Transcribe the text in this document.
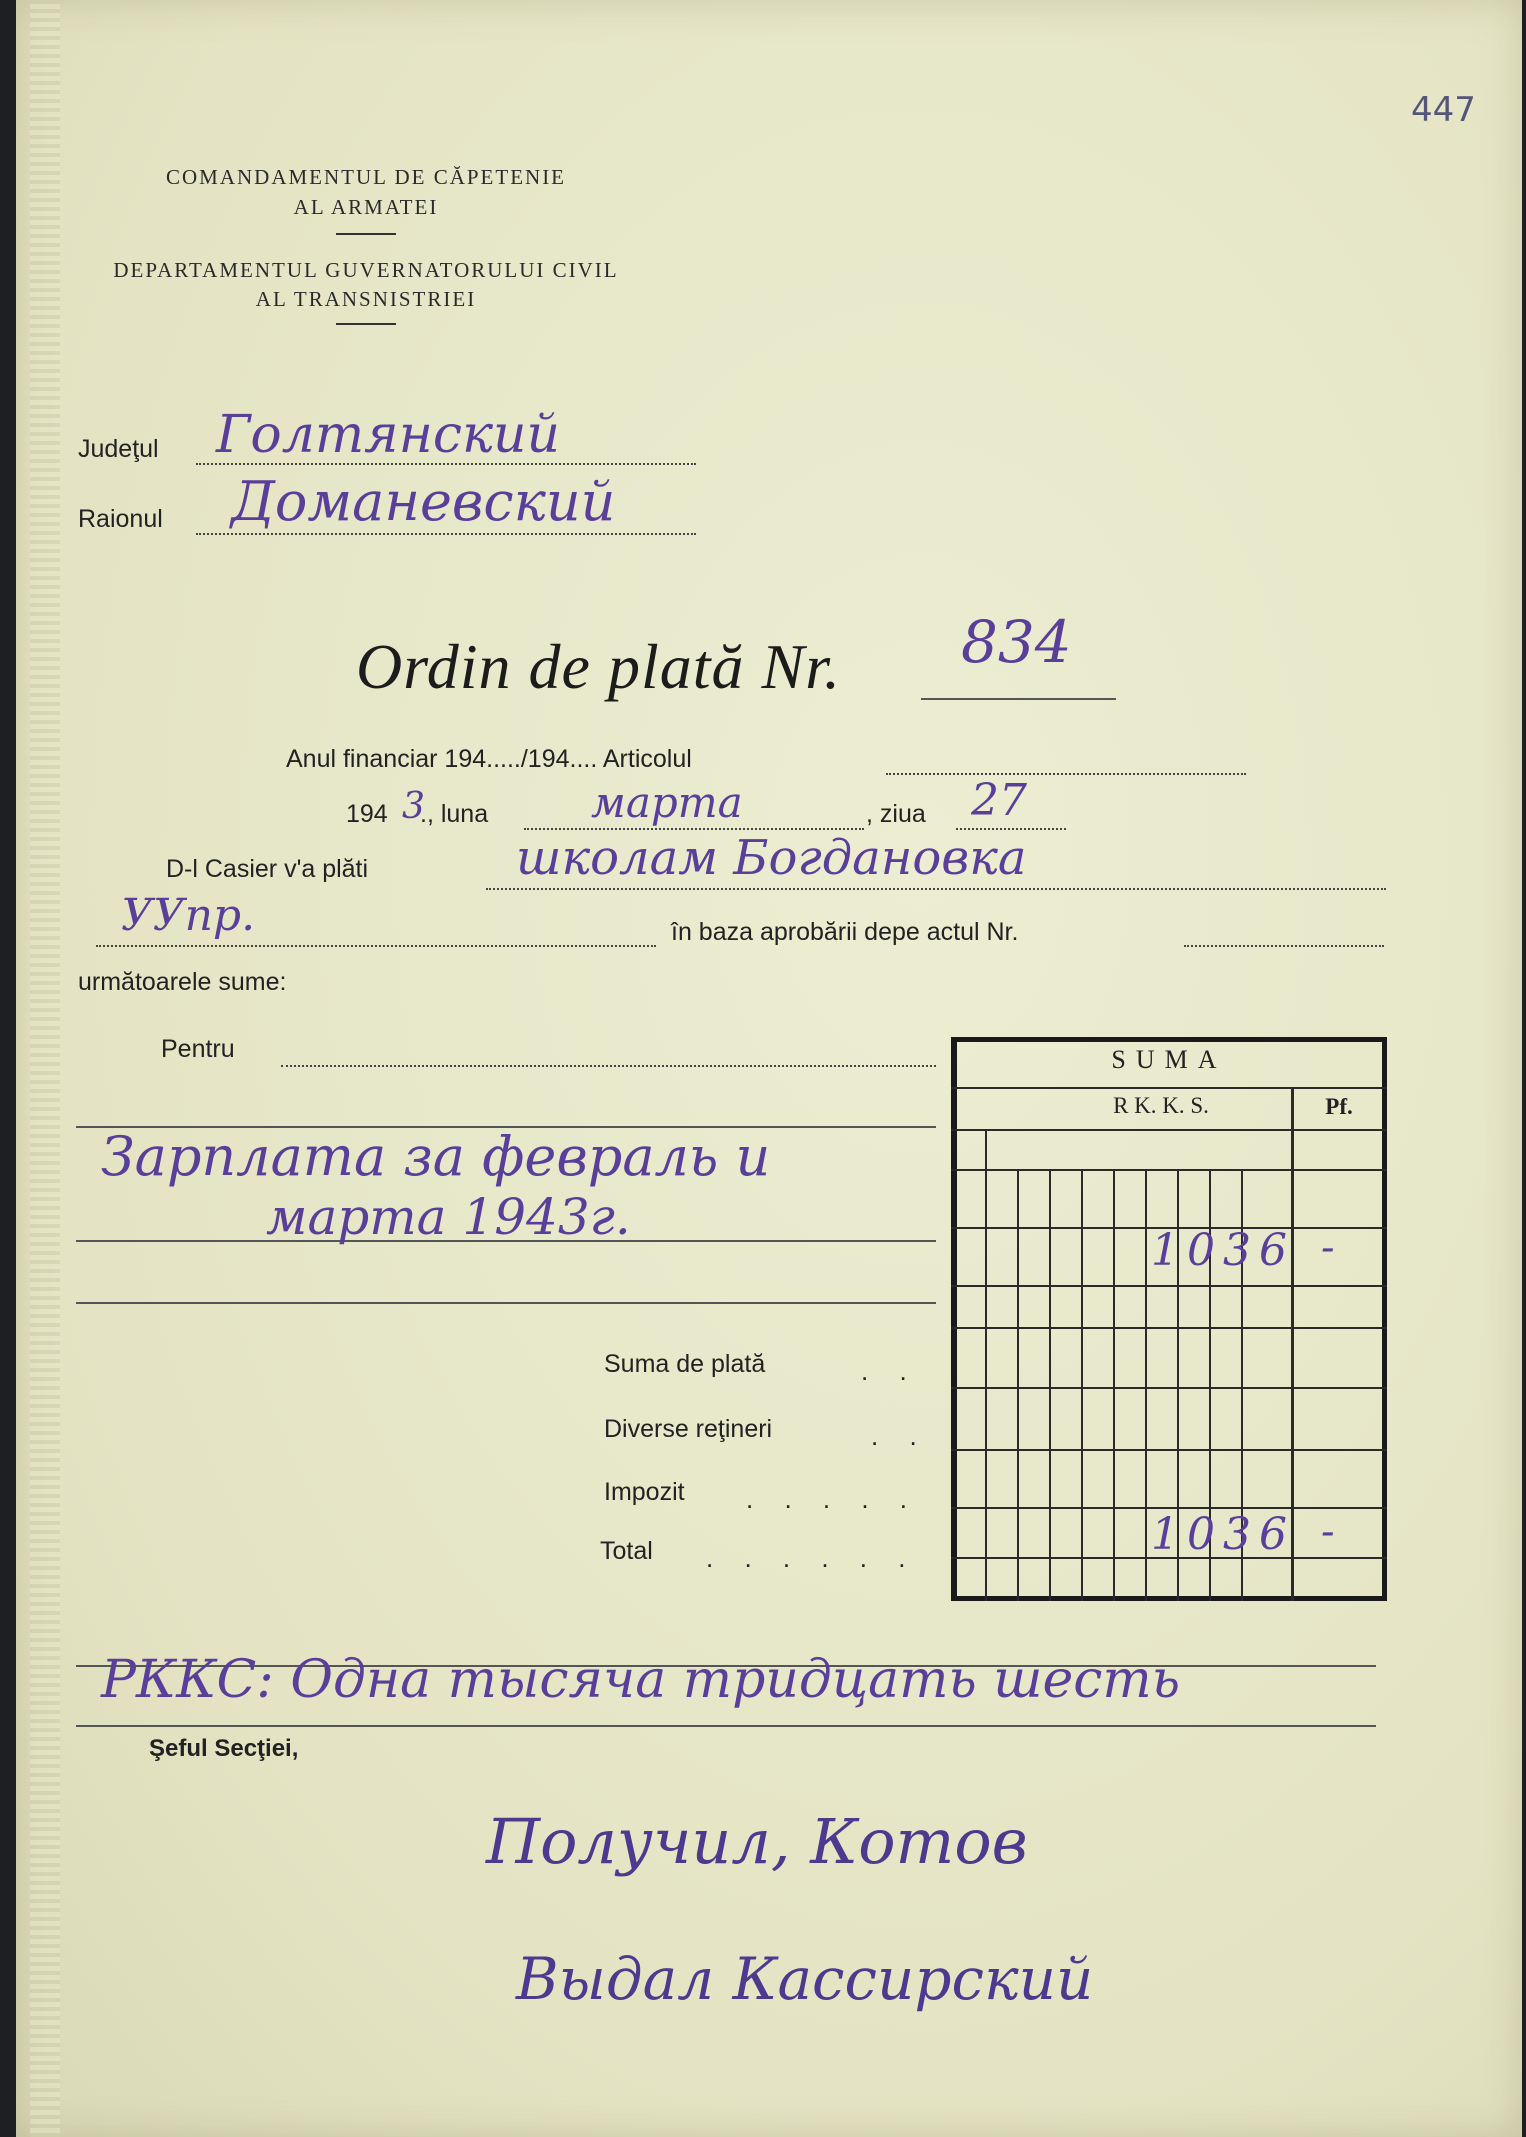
447
COMANDAMENTUL DE CĂPETENIE
AL ARMATEI
DEPARTAMENTUL GUVERNATORULUI CIVIL
AL TRANSNISTRIEI
Judeţul Голтянский
Raionul Доманевский
Ordin de plată Nr. 834
Anul financiar 194...../194.... Articolul
194 3
., luna марта	, ziua 27
D-l Casier v'a plăti	школам Богдановка
УУпр.	în baza aprobării depe actul Nr.
următoarele sume:
Pentru
Зарплата за февраль и
марта 1943г.
SUMA
R K. K. S.	Pf.
1036 -
1036 -
Suma de plată	. .
Diverse reţineri	. .
Impozit . . . . .
Total . . . . . .
РККС: Одна тысяча тридцать шесть
Şeful Secţiei,
Получил, Котов
Выдал Кассирский
